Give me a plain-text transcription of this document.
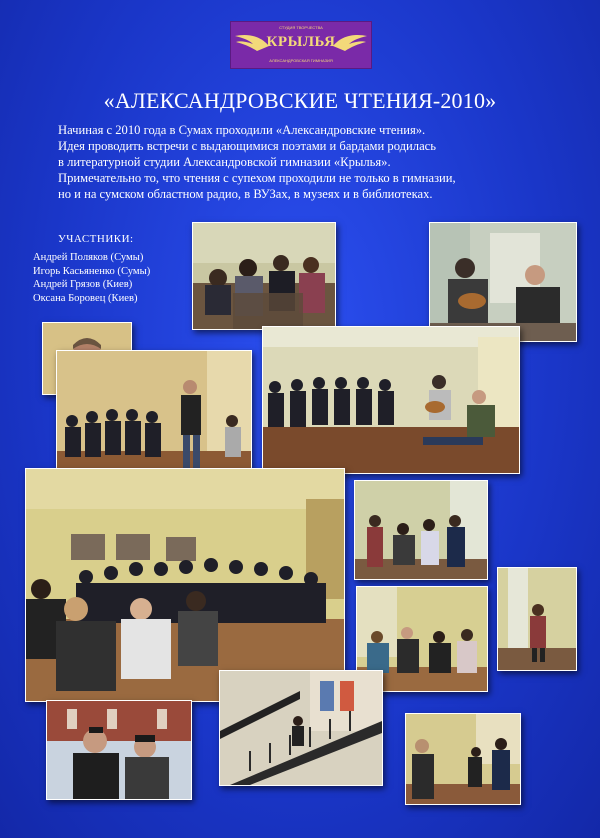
СТУДИЯ ТВОРЧЕСТВА
КРЫЛЬЯ
АЛЕКСАНДРОВСКАЯ ГИМНАЗИЯ
«АЛЕКСАНДРОВСКИЕ ЧТЕНИЯ-2010»

Начиная с 2010 года в Сумах проходили «Александровские чтения».

Идея проводить встречи с выдающимися поэтами и бардами родилась

в литературной студии Александровской гимназии «Крылья».

Примечательно то, что чтения с супехом проходили не только в гимназии,

но и на сумском областном радио, в ВУЗах, в музеях и в библиотеках.

УЧАСТНИКИ:
Андрей Поляков (Сумы)
Игорь Касьяненко (Сумы)
Андрей Грязов (Киев)
Оксана Боровец (Киев)
